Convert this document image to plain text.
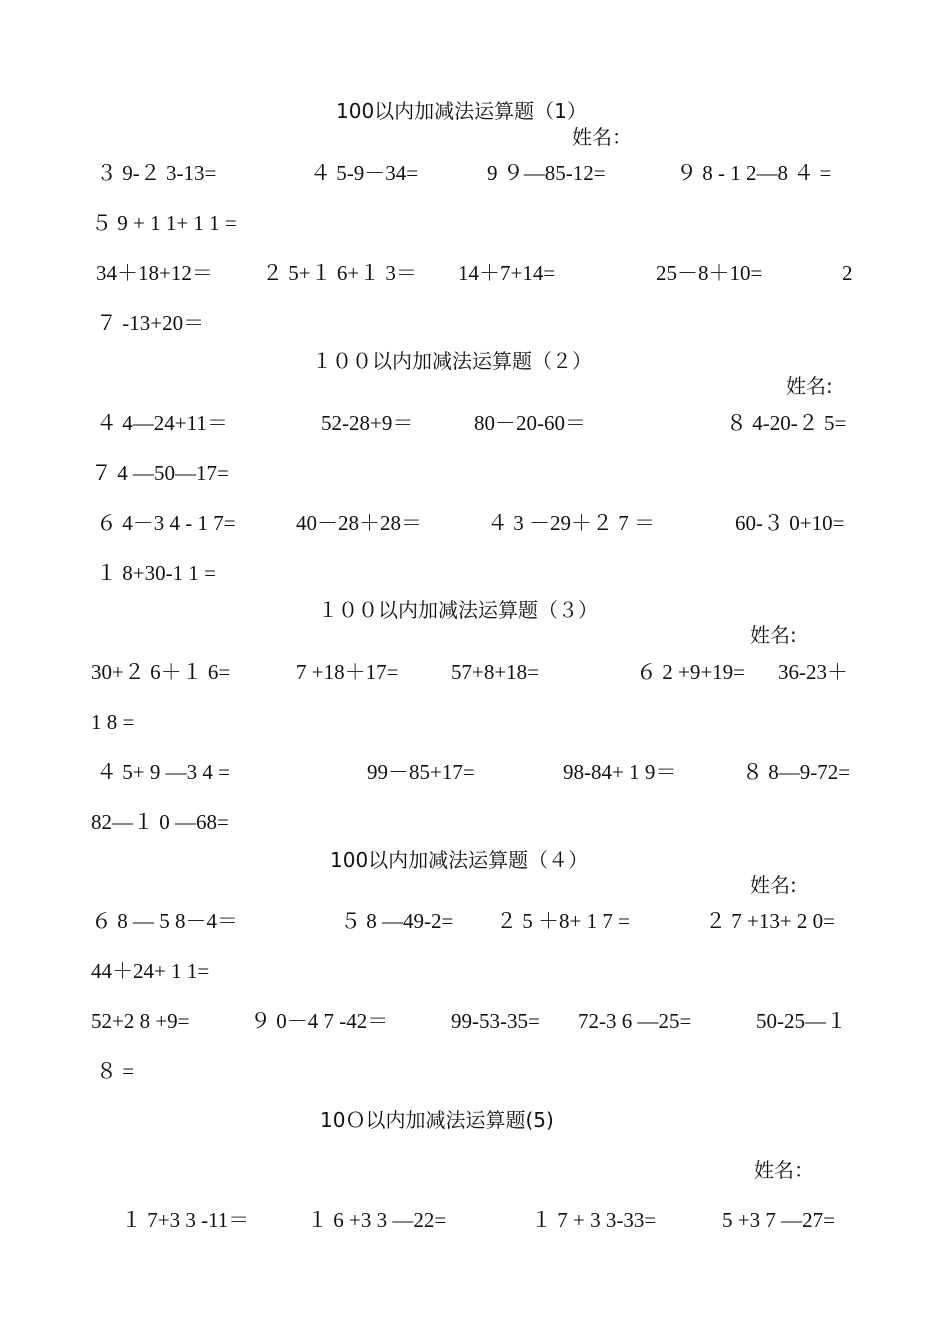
100以内加减法运算题（1）
姓名：
３ 9-２ 3-13=	４ 5-9－34=	9 ９—85-12=	９ 8 - 1 2—8 ４ =
５ 9 + 1 1+ 1 1 =
34＋18+12＝ ２ 5+１ 6+１ 3＝ 14＋7+14=	25－8＋10=	2
７ -13+20＝
１００以内加减法运算题（２）
姓名:
４ 4—24+11＝	52-28+9＝	80－20-60＝	８ 4-20-２ 5=
７ 4 —50—17=
６ 4－3 4 - 1 7=	40－28＋28＝	４ 3 －29＋２ 7 ＝	60-３ 0+10=
１ 8+30-1 1 =
１００以内加减法运算题（３）
姓名:
30+２ 6＋１ 6=	7 +18＋17=	57+8+18=	６ 2 +9+19= 36-23＋
1 8 =
４ 5+ 9 —3 4 =	99－85+17=	98-84+ 1 9＝	８ 8—9-72=
82—１ 0 —68=
100以内加减法运算题（４）
姓名:
６ 8 — 5 8－4＝	５ 8 —49-2= ２ 5 ＋8+ 1 7 =	２ 7 +13+ 2 0=
44＋24+ 1 1=
52+2 8 +9=	９ 0－4 7 -42＝	99-53-35= 72-3 6 —25=	50-25—１
８ =
10Ｏ以内加减法运算题(5)
姓名：
１ 7+3 3 -11＝	１ 6 +3 3 —22=	１ 7 + 3 3-33=	5 +3 7 —27=
